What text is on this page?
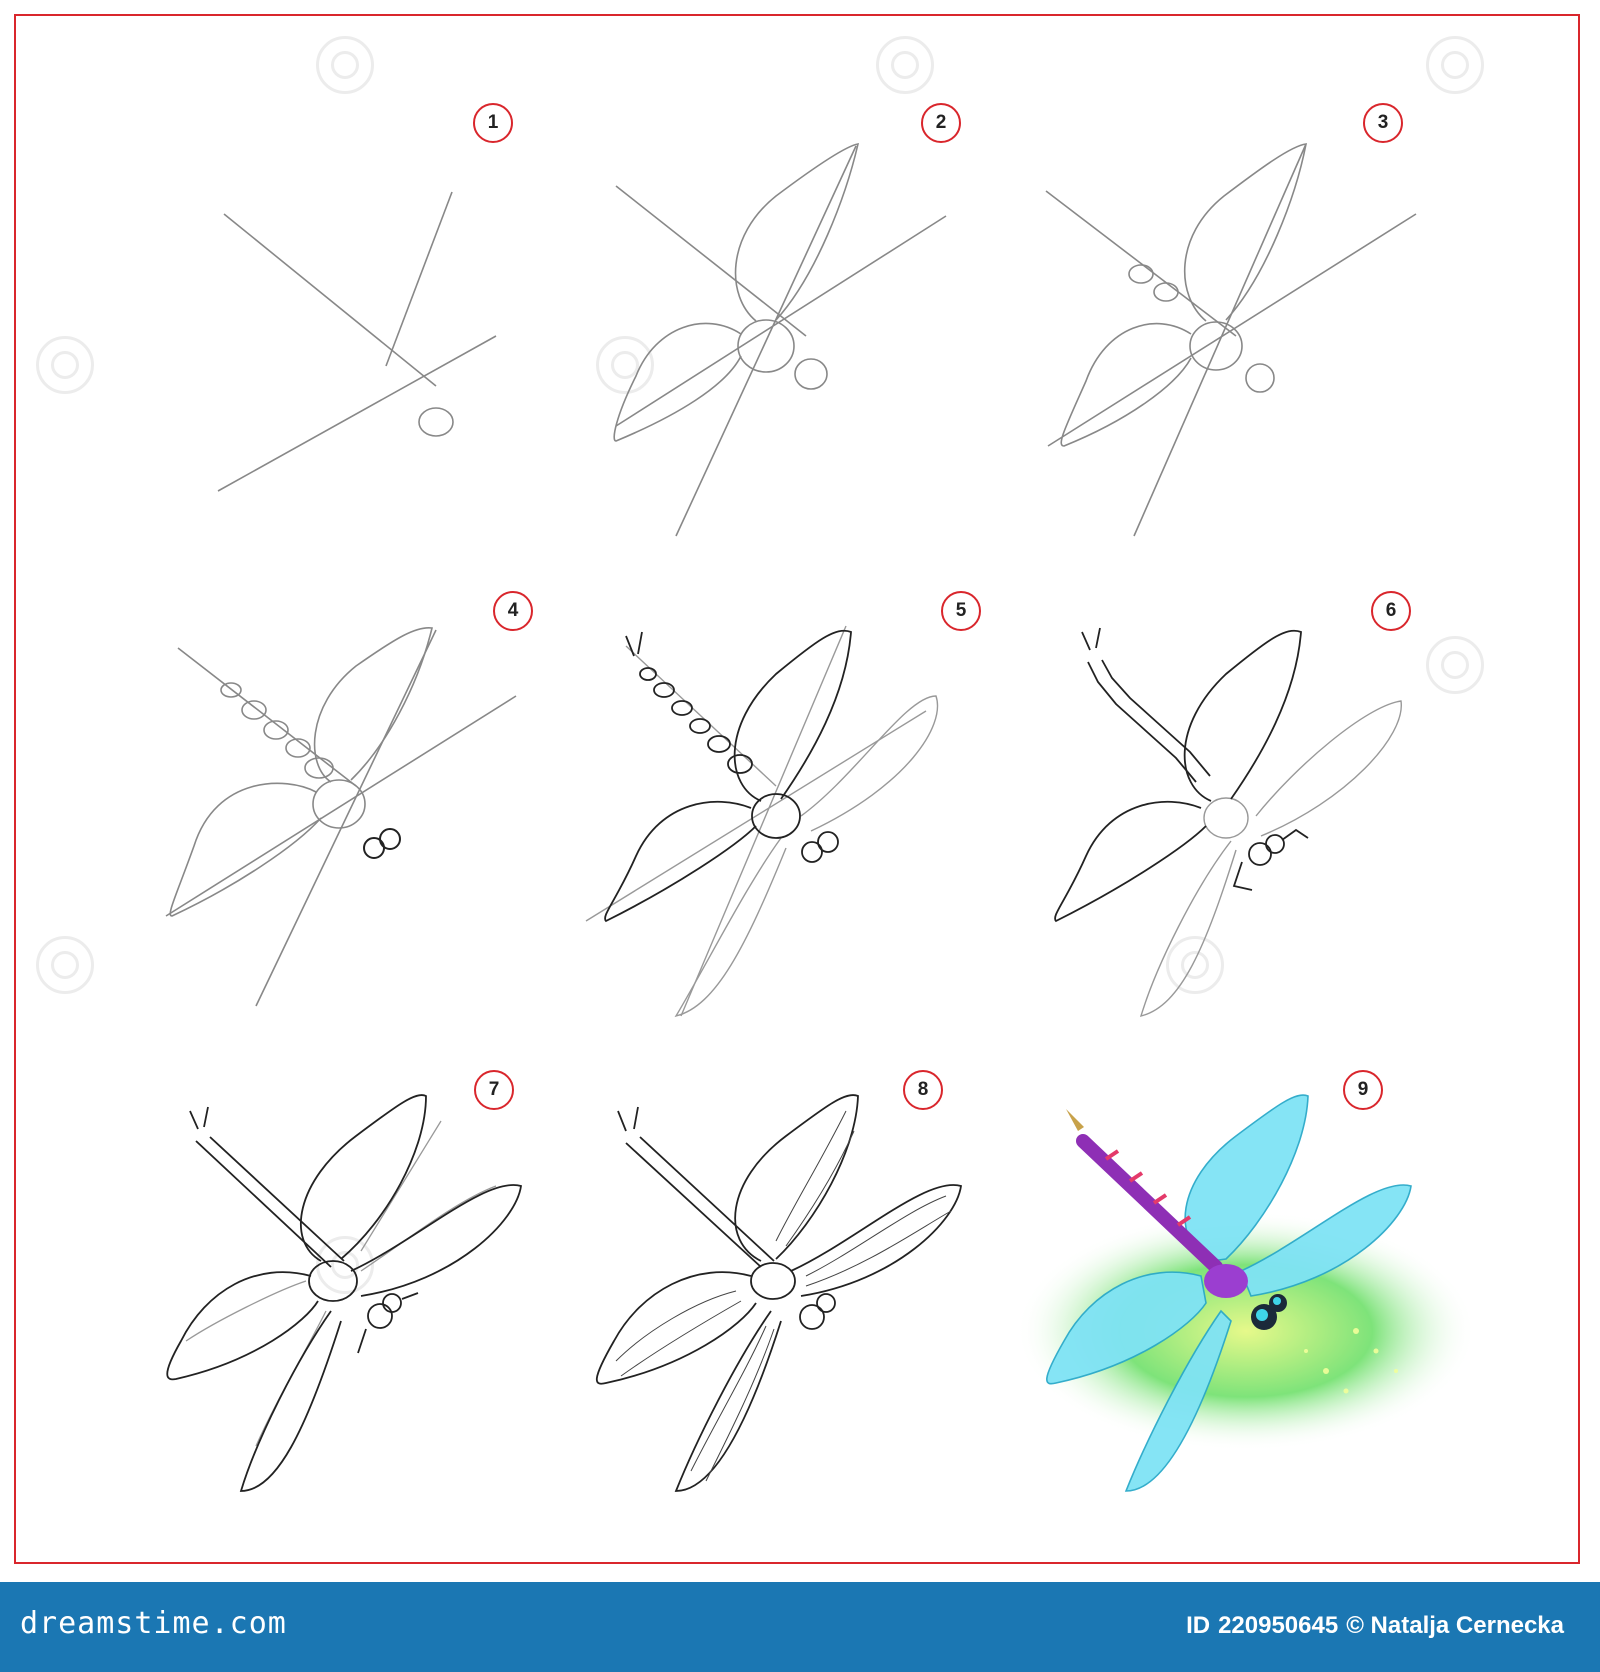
1	2	3
4	5	6
7	8	9
dreamstime.com	ID 220950645 © Natalja Cernecka
